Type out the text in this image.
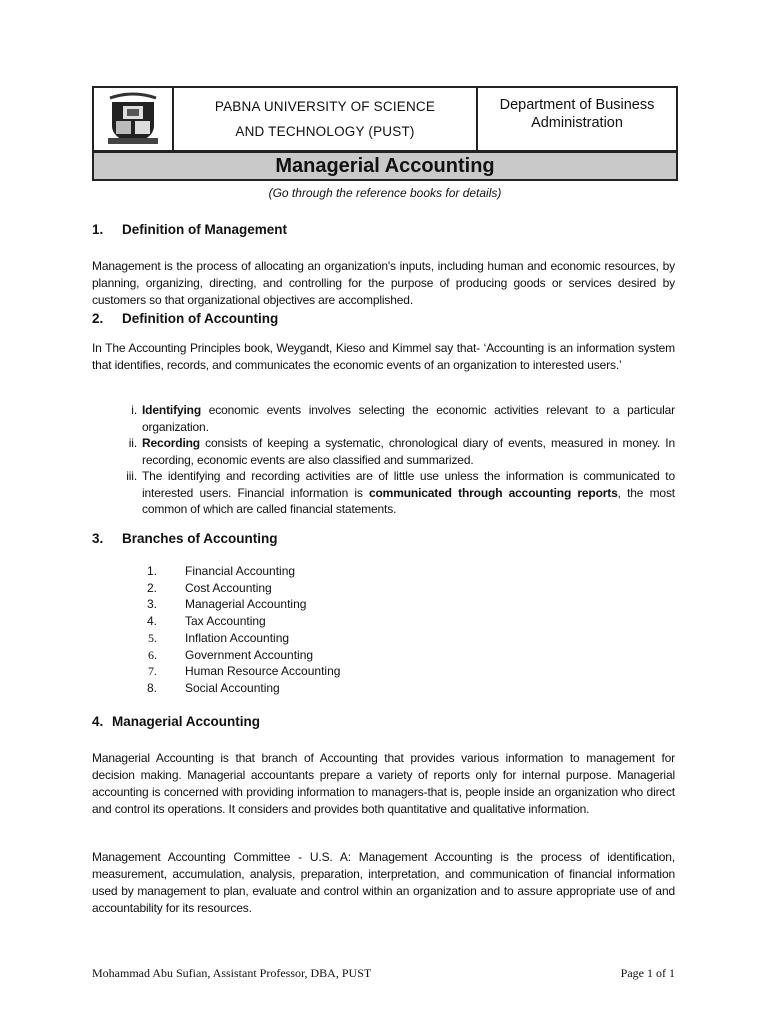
PABNA UNIVERSITY OF SCIENCE
AND TECHNOLOGY (PUST)
Department of Business
Administration
Managerial Accounting
(Go through the reference books for details)
1. Definition of Management
Management is the process of allocating an organization's inputs, including human and economic resources, by planning, organizing, directing, and controlling for the purpose of producing goods or services desired by customers so that organizational objectives are accomplished.
2. Definition of Accounting
In The Accounting Principles book, Weygandt, Kieso and Kimmel say that- ‘Accounting is an information system that identifies, records, and communicates the economic events of an organization to interested users.’
i. Identifying economic events involves selecting the economic activities relevant to a particular organization.
ii. Recording consists of keeping a systematic, chronological diary of events, measured in money. In recording, economic events are also classified and summarized.
iii. The identifying and recording activities are of little use unless the information is communicated to interested users. Financial information is communicated through accounting reports, the most common of which are called financial statements.
3. Branches of Accounting
1.	Financial Accounting
2.	Cost Accounting
3.	Managerial Accounting
4.	Tax Accounting
5.	Inflation Accounting
6.	Government Accounting
7.	Human Resource Accounting
8.	Social Accounting
4. Managerial Accounting
Managerial Accounting is that branch of Accounting that provides various information to management for decision making. Managerial accountants prepare a variety of reports only for internal purpose. Managerial accounting is concerned with providing information to managers-that is, people inside an organization who direct and control its operations. It considers and provides both quantitative and qualitative information.
Management Accounting Committee - U.S. A: Management Accounting is the process of identification, measurement, accumulation, analysis, preparation, interpretation, and communication of financial information used by management to plan, evaluate and control within an organization and to assure appropriate use of and accountability for its resources.
Mohammad Abu Sufian, Assistant Professor, DBA, PUST	Page 1 of 1
